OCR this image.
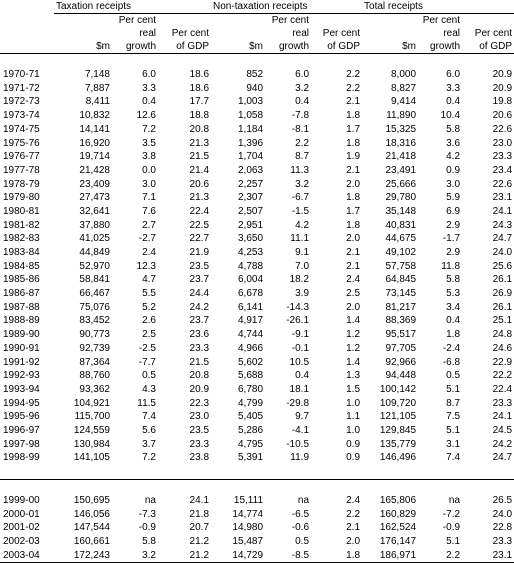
	Taxation receipts			Non-taxation receipts			Total receipts		
		Per cent			Per cent			Per cent	
		real	Per cent		real	Per cent		real	Per cent
	$m	growth	of GDP	$m	growth	of GDP	$m	growth	of GDP

1970-71	7,148	6.0	18.6	852	6.0	2.2	8,000	6.0	20.9
1971-72	7,887	3.3	18.6	940	3.2	2.2	8,827	3.3	20.9
1972-73	8,411	0.4	17.7	1,003	0.4	2.1	9,414	0.4	19.8
1973-74	10,832	12.6	18.8	1,058	-7.8	1.8	11,890	10.4	20.6
1974-75	14,141	7.2	20.8	1,184	-8.1	1.7	15,325	5.8	22.6
1975-76	16,920	3.5	21.3	1,396	2.2	1.8	18,316	3.6	23.0
1976-77	19,714	3.8	21.5	1,704	8.7	1.9	21,418	4.2	23.3
1977-78	21,428	0.0	21.4	2,063	11.3	2.1	23,491	0.9	23.4
1978-79	23,409	3.0	20.6	2,257	3.2	2.0	25,666	3.0	22.6
1979-80	27,473	7.1	21.3	2,307	-6.7	1.8	29,780	5.9	23.1
1980-81	32,641	7.6	22.4	2,507	-1.5	1.7	35,148	6.9	24.1
1981-82	37,880	2.7	22.5	2,951	4.2	1.8	40,831	2.9	24.3
1982-83	41,025	-2.7	22.7	3,650	11.1	2.0	44,675	-1.7	24.7
1983-84	44,849	2.4	21.9	4,253	9.1	2.1	49,102	2.9	24.0
1984-85	52,970	12.3	23.5	4,788	7.0	2.1	57,758	11.8	25.6
1985-86	58,841	4.7	23.7	6,004	18.2	2.4	64,845	5.8	26.1
1986-87	66,467	5.5	24.4	6,678	3.9	2.5	73,145	5.3	26.9
1987-88	75,076	5.2	24.2	6,141	-14.3	2.0	81,217	3.4	26.1
1988-89	83,452	2.6	23.7	4,917	-26.1	1.4	88,369	0.4	25.1
1989-90	90,773	2.5	23.6	4,744	-9.1	1.2	95,517	1.8	24.8
1990-91	92,739	-2.5	23.3	4,966	-0.1	1.2	97,705	-2.4	24.6
1991-92	87,364	-7.7	21.5	5,602	10.5	1.4	92,966	-6.8	22.9
1992-93	88,760	0.5	20.8	5,688	0.4	1.3	94,448	0.5	22.2
1993-94	93,362	4.3	20.9	6,780	18.1	1.5	100,142	5.1	22.4
1994-95	104,921	11.5	22.3	4,799	-29.8	1.0	109,720	8.7	23.3
1995-96	115,700	7.4	23.0	5,405	9.7	1.1	121,105	7.5	24.1
1996-97	124,559	5.6	23.5	5,286	-4.1	1.0	129,845	5.1	24.5
1997-98	130,984	3.7	23.3	4,795	-10.5	0.9	135,779	3.1	24.2
1998-99	141,105	7.2	23.8	5,391	11.9	0.9	146,496	7.4	24.7

1999-00	150,695	na	24.1	15,111	na	2.4	165,806	na	26.5
2000-01	146,056	-7.3	21.8	14,774	-6.5	2.2	160,829	-7.2	24.0
2001-02	147,544	-0.9	20.7	14,980	-0.6	2.1	162,524	-0.9	22.8
2002-03	160,661	5.8	21.2	15,487	0.5	2.0	176,147	5.1	23.3
2003-04	172,243	3.2	21.2	14,729	-8.5	1.8	186,971	2.2	23.1
